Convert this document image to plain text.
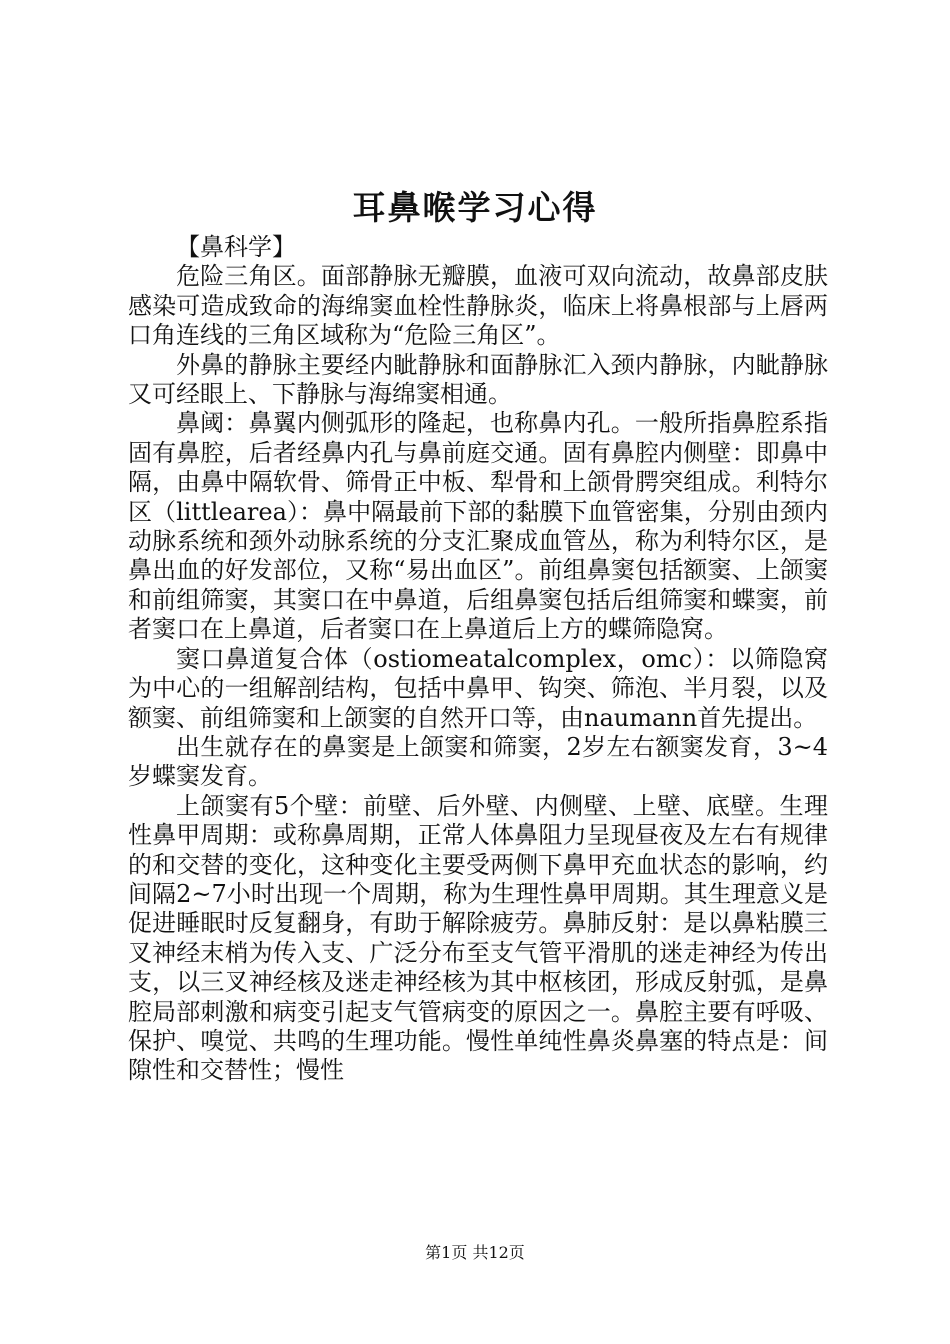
耳鼻喉学习心得

【鼻科学】

危险三角区。面部静脉无瓣膜，血液可双向流动，故鼻部皮肤感染可造成致命的海绵窦血栓性静脉炎，临床上将鼻根部与上唇两口角连线的三角区域称为“危险三角区”。

外鼻的静脉主要经内眦静脉和面静脉汇入颈内静脉，内眦静脉又可经眼上、下静脉与海绵窦相通。

鼻阈：鼻翼内侧弧形的隆起，也称鼻内孔。一般所指鼻腔系指固有鼻腔，后者经鼻内孔与鼻前庭交通。固有鼻腔内侧壁：即鼻中隔，由鼻中隔软骨、筛骨正中板、犁骨和上颌骨腭突组成。利特尔区（littlearea）：鼻中隔最前下部的黏膜下血管密集，分别由颈内动脉系统和颈外动脉系统的分支汇聚成血管丛，称为利特尔区，是鼻出血的好发部位，又称“易出血区”。前组鼻窦包括额窦、上颌窦和前组筛窦，其窦口在中鼻道，后组鼻窦包括后组筛窦和蝶窦，前者窦口在上鼻道，后者窦口在上鼻道后上方的蝶筛隐窝。

窦口鼻道复合体（ostiomeatalcomplex，omc）：以筛隐窝为中心的一组解剖结构，包括中鼻甲、钩突、筛泡、半月裂，以及额窦、前组筛窦和上颌窦的自然开口等，由naumann首先提出。

出生就存在的鼻窦是上颌窦和筛窦，2岁左右额窦发育，3~4岁蝶窦发育。

上颌窦有5个壁：前壁、后外壁、内侧壁、上壁、底壁。生理性鼻甲周期：或称鼻周期，正常人体鼻阻力呈现昼夜及左右有规律的和交替的变化，这种变化主要受两侧下鼻甲充血状态的影响，约间隔2~7小时出现一个周期，称为生理性鼻甲周期。其生理意义是促进睡眠时反复翻身，有助于解除疲劳。鼻肺反射：是以鼻粘膜三叉神经末梢为传入支、广泛分布至支气管平滑肌的迷走神经为传出支，以三叉神经核及迷走神经核为其中枢核团，形成反射弧，是鼻腔局部刺激和病变引起支气管病变的原因之一。鼻腔主要有呼吸、保护、嗅觉、共鸣的生理功能。慢性单纯性鼻炎鼻塞的特点是：间隙性和交替性；慢性

第1页 共12页
